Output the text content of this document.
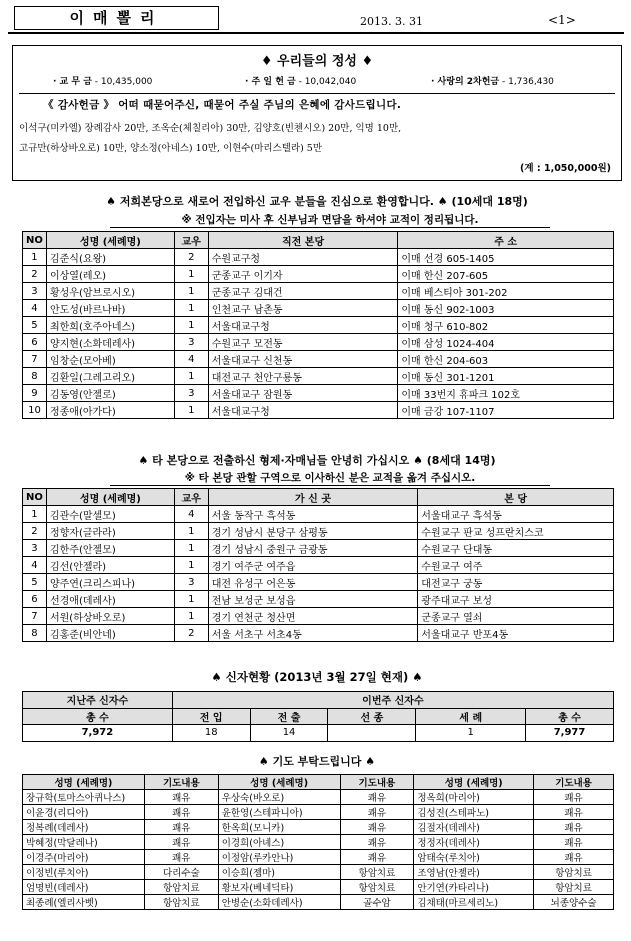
이매뽈리	2013. 3. 31	<1>
♦ 우리들의 정성 ♦
· 교 무 금 - 10,435,000	· 주 일 헌 금 - 10,042,040	· 사랑의 2차헌금 - 1,736,430
《 감사헌금 》 어떠 때묻어주신, 때묻어 주실 주님의 은혜에 감사드립니다.
이석구(미카엘) 장례감사 20만, 조옥순(체칠리아) 30만, 김양호(빈첸시오) 20만, 익명 10만,
고규만(하상바오로) 10만, 양소정(아네스) 10만, 이현수(마리스텔라) 5만
(계 : 1,050,000원)
♠ 저희본당으로 새로어 전입하신 교우 분들을 진심으로 환영합니다. ♠ (10세대 18명)
※ 전입자는 미사 후 신부님과 면담을 하셔야 교적이 정리됩니다.
NO	성명 (세례명)	교우	직전 본당	주 소
1	김준식(요왕)	2	수원교구청	이매 선경 605-1405
2	이상열(레오)	1	군종교구 이기자	이매 한신 207-605
3	황성우(암브로시오)	1	군종교구 김대건	이매 베스티아 301-202
4	안도성(바르나바)	1	인천교구 남촌동	이매 동신 902-1003
5	최한희(호주아네스)	1	서울대교구청	이매 청구 610-802
6	양지현(소화데레사)	3	수원교구 모전동	이매 삼성 1024-404
7	임창순(모아베)	4	서울대교구 신천동	이매 한신 204-603
8	김환일(그레고리오)	1	대전교구 천안구룡동	이매 동신 301-1201
9	김동영(안젤로)	3	서울대교구 잠원동	이매 33번지 휴파크 102호
10	정종애(아가다)	1	서울대교구청	이매 금강 107-1107
♠ 타 본당으로 전출하신 형제·자매님들 안녕히 가십시오 ♠ (8세대 14명)
※ 타 본당 관할 구역으로 이사하신 분은 교적을 옮겨 주십시오.
NO	성명 (세례명)	교우	가 신 곳	본 당
1	김관수(말셀모)	4	서울 동작구 흑석동	서울대교구 흑석동
2	정향자(글라라)	1	경기 성남시 분당구 삼평동	수원교구 판교 성프란치스코
3	김한주(안젤모)	1	경기 성남시 중원구 금광동	수원교구 단대동
4	김선(안젤라)	1	경기 여주군 여주읍	수원교구 여주
5	양주연(크리스피나)	3	대전 유성구 어은동	대전교구 궁동
6	선경애(데레사)	1	전남 보성군 보성읍	광주대교구 보성
7	서원(하상바오로)	1	경기 연천군 청산면	군종교구 열쇠
8	김홍준(비안네)	2	서울 서초구 서초4동	서울대교구 반포4동
♠ 신자현황 (2013년 3월 27일 현재) ♠
지난주 신자수	이번주 신자수				
총 수	전 입	전 출	선 종	세 례	총 수
7,972	18	14		1	7,977
♠ 기도 부탁드립니다 ♠
성명 (세례명)	기도내용	성명 (세례명)	기도내용	성명 (세례명)	기도내용
장규학(토마스아퀴나스)	쾌유	우상숙(바오로)	쾌유	정옥희(마리아)	쾌유
이윤경(리디아)	쾌유	윤한영(스테파니아)	쾌유	김성진(스테파노)	쾌유
정복례(데레사)	쾌유	한옥희(모니카)	쾌유	김절자(데레사)	쾌유
박혜정(막달레나)	쾌유	이경희(아녜스)	쾌유	정정자(데레사)	쾌유
이경주(마리아)	쾌유	이정암(루카안나)	쾌유	암태숙(루치아)	쾌유
이정빈(루치아)	다리수술	이승희(젬마)	항암치료	조영남(안젤라)	항암치료
엄명빈(데레사)	항암치료	황보자(베네딕타)	항암치료	안기연(카타리나)	항암치료
최종례(엘리사벳)	항암치료	안병순(소화데레사)	골수암	김채태(마르세리노)	뇌종양수술
